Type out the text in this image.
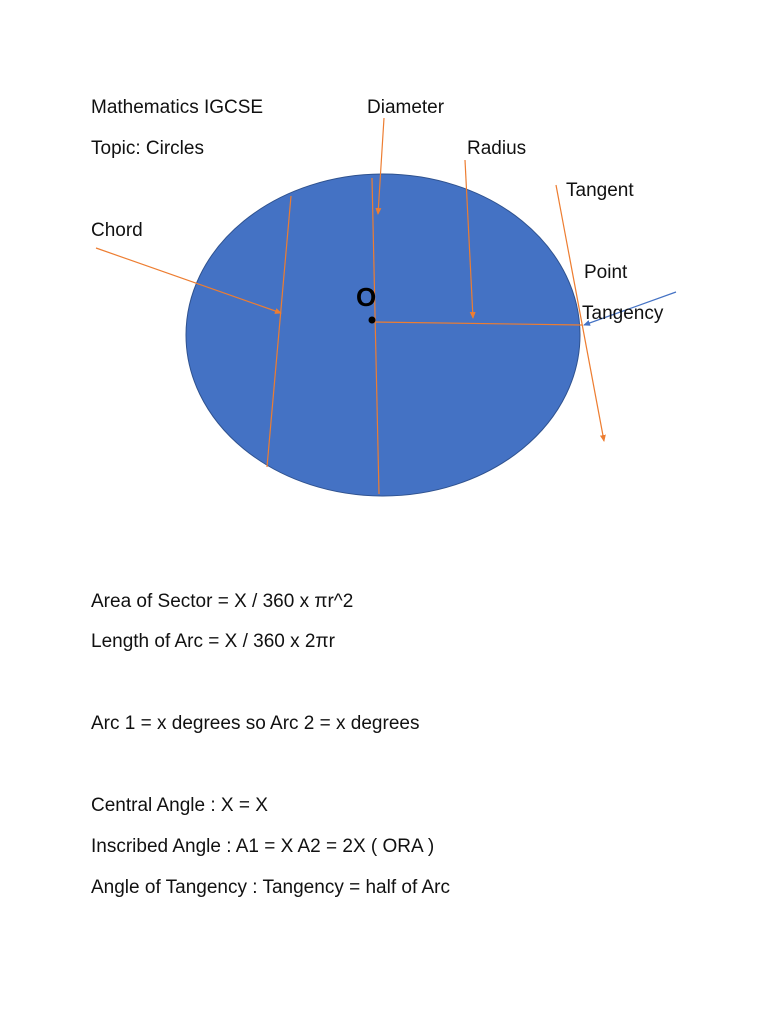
O
Mathematics IGCSE
Topic: Circles
Diameter
Radius
Tangent
Chord
Point
Tangency
Area of Sector = X / 360 x πr^2
Length of Arc = X / 360 x 2πr
Arc 1 = x degrees so Arc 2 = x degrees
Central Angle : X = X
Inscribed Angle : A1 = X A2 = 2X ( ORA )
Angle of Tangency : Tangency = half of Arc
